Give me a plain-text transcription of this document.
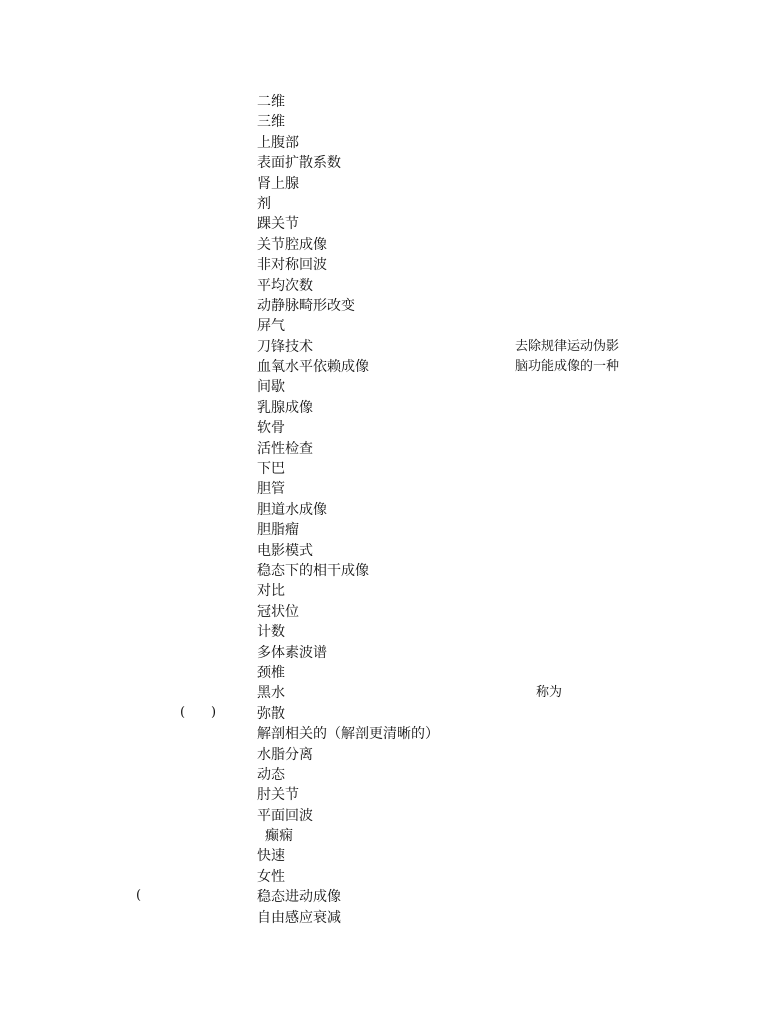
二维
三维
上腹部
表面扩散系数
肾上腺
剂
踝关节
关节腔成像
非对称回波
平均次数
动静脉畸形改变
屏气
刀锋技术
血氧水平依赖成像
间歇
乳腺成像
软骨
活性检查
下巴
胆管
胆道水成像
胆脂瘤
电影模式
稳态下的相干成像
对比
冠状位
计数
多体素波谱
颈椎
黑水
弥散
解剖相关的（解剖更清晰的）
水脂分离
动态
肘关节
平面回波
癫痫
快速
女性
稳态进动成像
自由感应衰减
去除规律运动伪影
脑功能成像的一种
称为
( )
(
